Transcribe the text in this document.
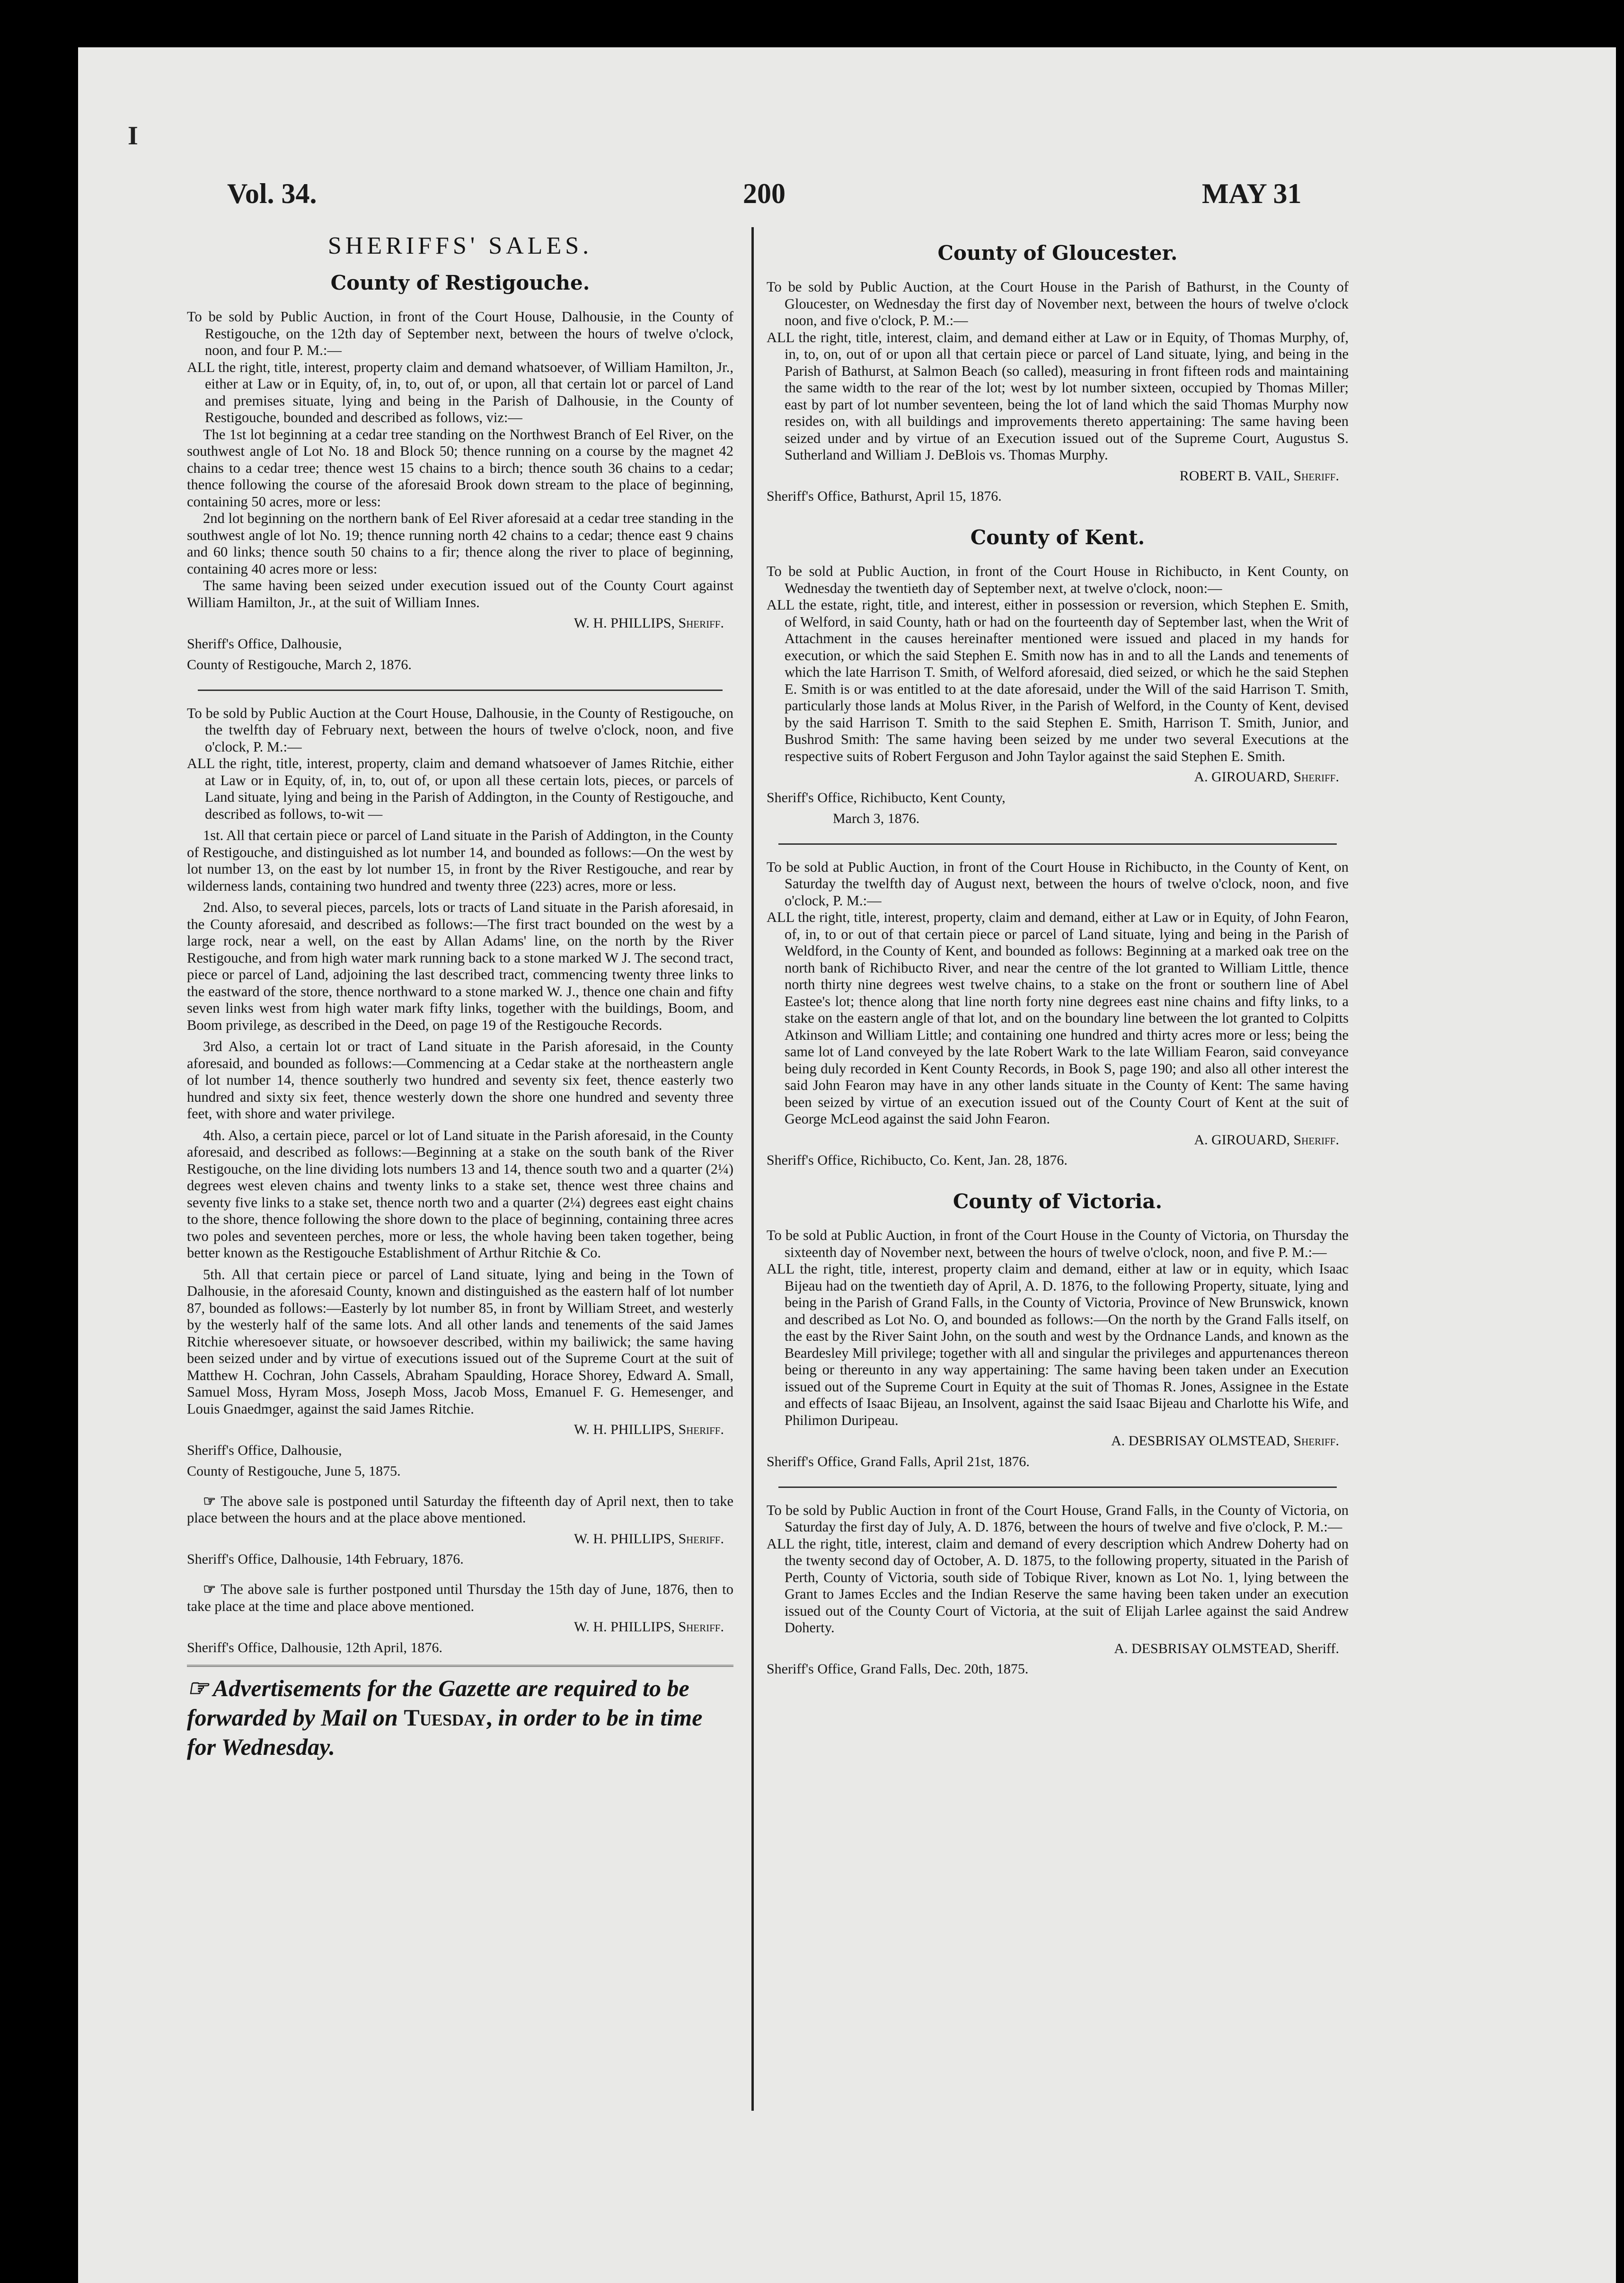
I
Vol. 34.	200	MAY 31
SHERIFFS' SALES.
County of Restigouche.

To be sold by Public Auction, in front of the Court House, Dalhousie, in the County of Restigouche, on the 12th day of September next, between the hours of twelve o'clock, noon, and four P. M.:—

ALL the right, title, interest, property claim and demand whatsoever, of William Hamilton, Jr., either at Law or in Equity, of, in, to, out of, or upon, all that certain lot or parcel of Land and premises situate, lying and being in the Parish of Dalhousie, in the County of Restigouche, bounded and described as follows, viz:—

The 1st lot beginning at a cedar tree standing on the Northwest Branch of Eel River, on the southwest angle of Lot No. 18 and Block 50; thence running on a course by the magnet 42 chains to a cedar tree; thence west 15 chains to a birch; thence south 36 chains to a cedar; thence following the course of the aforesaid Brook down stream to the place of beginning, containing 50 acres, more or less:

2nd lot beginning on the northern bank of Eel River aforesaid at a cedar tree standing in the southwest angle of lot No. 19; thence running north 42 chains to a cedar; thence east 9 chains and 60 links; thence south 50 chains to a fir; thence along the river to place of beginning, containing 40 acres more or less:

The same having been seized under execution issued out of the County Court against William Hamilton, Jr., at the suit of William Innes.

W. H. PHILLIPS, Sheriff.
Sheriff's Office, Dalhousie,
County of Restigouche, March 2, 1876.

To be sold by Public Auction at the Court House, Dalhousie, in the County of Restigouche, on the twelfth day of February next, between the hours of twelve o'clock, noon, and five o'clock, P. M.:—

ALL the right, title, interest, property, claim and demand whatsoever of James Ritchie, either at Law or in Equity, of, in, to, out of, or upon all these certain lots, pieces, or parcels of Land situate, lying and being in the Parish of Addington, in the County of Restigouche, and described as follows, to-wit —

1st. All that certain piece or parcel of Land situate in the Parish of Addington, in the County of Restigouche, and distinguished as lot number 14, and bounded as follows:—On the west by lot number 13, on the east by lot number 15, in front by the River Restigouche, and rear by wilderness lands, containing two hundred and twenty three (223) acres, more or less.

2nd. Also, to several pieces, parcels, lots or tracts of Land situate in the Parish aforesaid, in the County aforesaid, and described as follows:—The first tract bounded on the west by a large rock, near a well, on the east by Allan Adams' line, on the north by the River Restigouche, and from high water mark running back to a stone marked W J. The second tract, piece or parcel of Land, adjoining the last described tract, commencing twenty three links to the eastward of the store, thence northward to a stone marked W. J., thence one chain and fifty seven links west from high water mark fifty links, together with the buildings, Boom, and Boom privilege, as described in the Deed, on page 19 of the Restigouche Records.

3rd Also, a certain lot or tract of Land situate in the Parish aforesaid, in the County aforesaid, and bounded as follows:—Commencing at a Cedar stake at the northeastern angle of lot number 14, thence southerly two hundred and seventy six feet, thence easterly two hundred and sixty six feet, thence westerly down the shore one hundred and seventy three feet, with shore and water privilege.

4th. Also, a certain piece, parcel or lot of Land situate in the Parish aforesaid, in the County aforesaid, and described as follows:—Beginning at a stake on the south bank of the River Restigouche, on the line dividing lots numbers 13 and 14, thence south two and a quarter (2¼) degrees west eleven chains and twenty links to a stake set, thence west three chains and seventy five links to a stake set, thence north two and a quarter (2¼) degrees east eight chains to the shore, thence following the shore down to the place of beginning, containing three acres two poles and seventeen perches, more or less, the whole having been taken together, being better known as the Restigouche Establishment of Arthur Ritchie & Co.

5th. All that certain piece or parcel of Land situate, lying and being in the Town of Dalhousie, in the aforesaid County, known and distinguished as the eastern half of lot number 87, bounded as follows:—Easterly by lot number 85, in front by William Street, and westerly by the westerly half of the same lots. And all other lands and tenements of the said James Ritchie wheresoever situate, or howsoever described, within my bailiwick; the same having been seized under and by virtue of executions issued out of the Supreme Court at the suit of Matthew H. Cochran, John Cassels, Abraham Spaulding, Horace Shorey, Edward A. Small, Samuel Moss, Hyram Moss, Joseph Moss, Jacob Moss, Emanuel F. G. Hemesenger, and Louis Gnaedmger, against the said James Ritchie.

W. H. PHILLIPS, Sheriff.
Sheriff's Office, Dalhousie,
County of Restigouche, June 5, 1875.

☞ The above sale is postponed until Saturday the fifteenth day of April next, then to take place between the hours and at the place above mentioned.

W. H. PHILLIPS, Sheriff.
Sheriff's Office, Dalhousie, 14th February, 1876.

☞ The above sale is further postponed until Thursday the 15th day of June, 1876, then to take place at the time and place above mentioned.

W. H. PHILLIPS, Sheriff.
Sheriff's Office, Dalhousie, 12th April, 1876.
☞ Advertisements for the Gazette are required to be forwarded by Mail on Tuesday, in order to be in time for Wednesday.
County of Gloucester.

To be sold by Public Auction, at the Court House in the Parish of Bathurst, in the County of Gloucester, on Wednesday the first day of November next, between the hours of twelve o'clock noon, and five o'clock, P. M.:—

ALL the right, title, interest, claim, and demand either at Law or in Equity, of Thomas Murphy, of, in, to, on, out of or upon all that certain piece or parcel of Land situate, lying, and being in the Parish of Bathurst, at Salmon Beach (so called), measuring in front fifteen rods and maintaining the same width to the rear of the lot; west by lot number sixteen, occupied by Thomas Miller; east by part of lot number seventeen, being the lot of land which the said Thomas Murphy now resides on, with all buildings and improvements thereto appertaining: The same having been seized under and by virtue of an Execution issued out of the Supreme Court, Augustus S. Sutherland and William J. DeBlois vs. Thomas Murphy.

ROBERT B. VAIL, Sheriff.
Sheriff's Office, Bathurst, April 15, 1876.
County of Kent.

To be sold at Public Auction, in front of the Court House in Richibucto, in Kent County, on Wednesday the twentieth day of September next, at twelve o'clock, noon:—

ALL the estate, right, title, and interest, either in possession or reversion, which Stephen E. Smith, of Welford, in said County, hath or had on the fourteenth day of September last, when the Writ of Attachment in the causes hereinafter mentioned were issued and placed in my hands for execution, or which the said Stephen E. Smith now has in and to all the Lands and tenements of which the late Harrison T. Smith, of Welford aforesaid, died seized, or which he the said Stephen E. Smith is or was entitled to at the date aforesaid, under the Will of the said Harrison T. Smith, particularly those lands at Molus River, in the Parish of Welford, in the County of Kent, devised by the said Harrison T. Smith to the said Stephen E. Smith, Harrison T. Smith, Junior, and Bushrod Smith: The same having been seized by me under two several Executions at the respective suits of Robert Ferguson and John Taylor against the said Stephen E. Smith.

A. GIROUARD, Sheriff.
Sheriff's Office, Richibucto, Kent County,
March 3, 1876.

To be sold at Public Auction, in front of the Court House in Richibucto, in the County of Kent, on Saturday the twelfth day of August next, between the hours of twelve o'clock, noon, and five o'clock, P. M.:—

ALL the right, title, interest, property, claim and demand, either at Law or in Equity, of John Fearon, of, in, to or out of that certain piece or parcel of Land situate, lying and being in the Parish of Weldford, in the County of Kent, and bounded as follows: Beginning at a marked oak tree on the north bank of Richibucto River, and near the centre of the lot granted to William Little, thence north thirty nine degrees west twelve chains, to a stake on the front or southern line of Abel Eastee's lot; thence along that line north forty nine degrees east nine chains and fifty links, to a stake on the eastern angle of that lot, and on the boundary line between the lot granted to Colpitts Atkinson and William Little; and containing one hundred and thirty acres more or less; being the same lot of Land conveyed by the late Robert Wark to the late William Fearon, said conveyance being duly recorded in Kent County Records, in Book S, page 190; and also all other interest the said John Fearon may have in any other lands situate in the County of Kent: The same having been seized by virtue of an execution issued out of the County Court of Kent at the suit of George McLeod against the said John Fearon.

A. GIROUARD, Sheriff.
Sheriff's Office, Richibucto, Co. Kent, Jan. 28, 1876.
County of Victoria.

To be sold at Public Auction, in front of the Court House in the County of Victoria, on Thursday the sixteenth day of November next, between the hours of twelve o'clock, noon, and five P. M.:—

ALL the right, title, interest, property claim and demand, either at law or in equity, which Isaac Bijeau had on the twentieth day of April, A. D. 1876, to the following Property, situate, lying and being in the Parish of Grand Falls, in the County of Victoria, Province of New Brunswick, known and described as Lot No. O, and bounded as follows:—On the north by the Grand Falls itself, on the east by the River Saint John, on the south and west by the Ordnance Lands, and known as the Beardesley Mill privilege; together with all and singular the privileges and appurtenances thereon being or thereunto in any way appertaining: The same having been taken under an Execution issued out of the Supreme Court in Equity at the suit of Thomas R. Jones, Assignee in the Estate and effects of Isaac Bijeau, an Insolvent, against the said Isaac Bijeau and Charlotte his Wife, and Philimon Duripeau.

A. DESBRISAY OLMSTEAD, Sheriff.
Sheriff's Office, Grand Falls, April 21st, 1876.

To be sold by Public Auction in front of the Court House, Grand Falls, in the County of Victoria, on Saturday the first day of July, A. D. 1876, between the hours of twelve and five o'clock, P. M.:—

ALL the right, title, interest, claim and demand of every description which Andrew Doherty had on the twenty second day of October, A. D. 1875, to the following property, situated in the Parish of Perth, County of Victoria, south side of Tobique River, known as Lot No. 1, lying between the Grant to James Eccles and the Indian Reserve the same having been taken under an execution issued out of the County Court of Victoria, at the suit of Elijah Larlee against the said Andrew Doherty.

A. DESBRISAY OLMSTEAD, Sheriff.
Sheriff's Office, Grand Falls, Dec. 20th, 1875.
